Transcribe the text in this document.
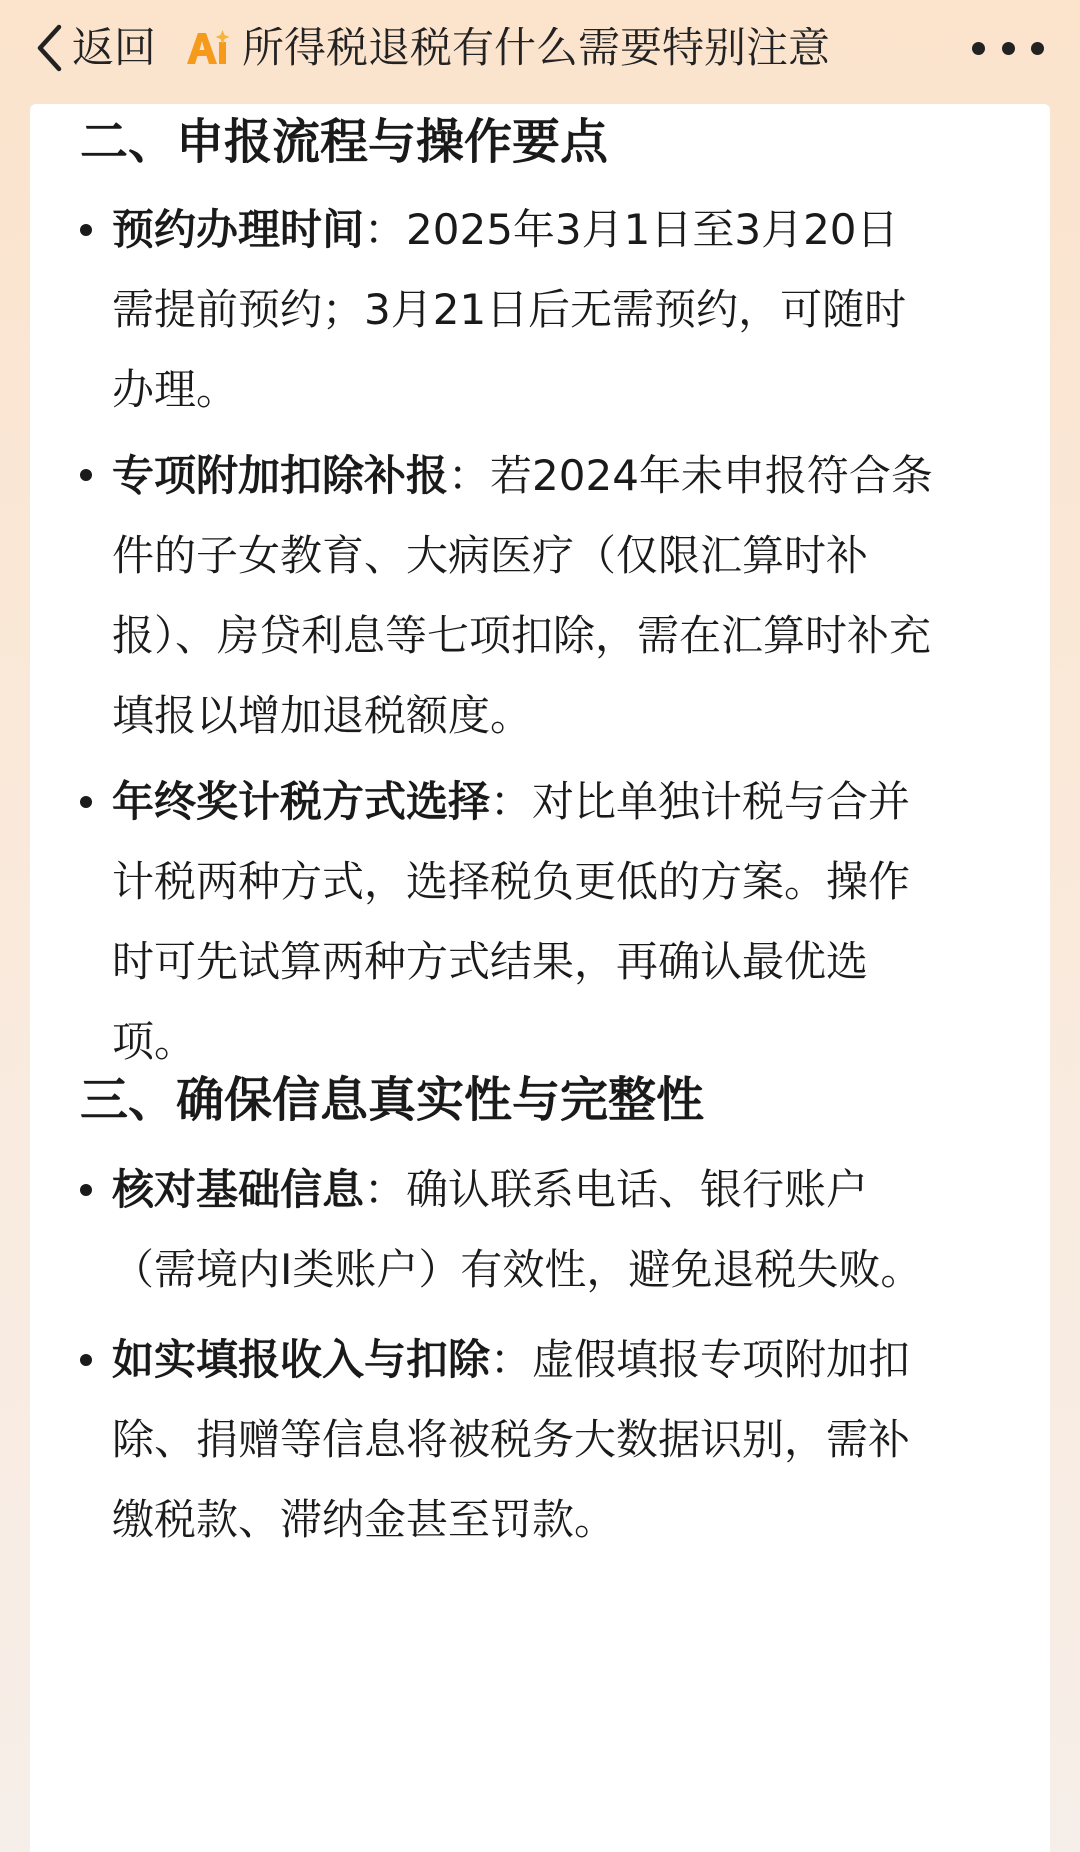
返回 所得税退税有什么需要特别注意
二、申报流程与操作要点
预约办理时间：2025年3月1日至3月20日需提前预约；3月21日后无需预约，可随时办理。
专项附加扣除补报：若2024年未申报符合条件的子女教育、大病医疗（仅限汇算时补报）、房贷利息等七项扣除，需在汇算时补充填报以增加退税额度。
年终奖计税方式选择：对比单独计税与合并计税两种方式，选择税负更低的方案。操作时可先试算两种方式结果，再确认最优选项。
三、确保信息真实性与完整性
核对基础信息：确认联系电话、银行账户（需境内I类账户）有效性，避免退税失败。
如实填报收入与扣除：虚假填报专项附加扣除、捐赠等信息将被税务大数据识别，需补缴税款、滞纳金甚至罚款。
